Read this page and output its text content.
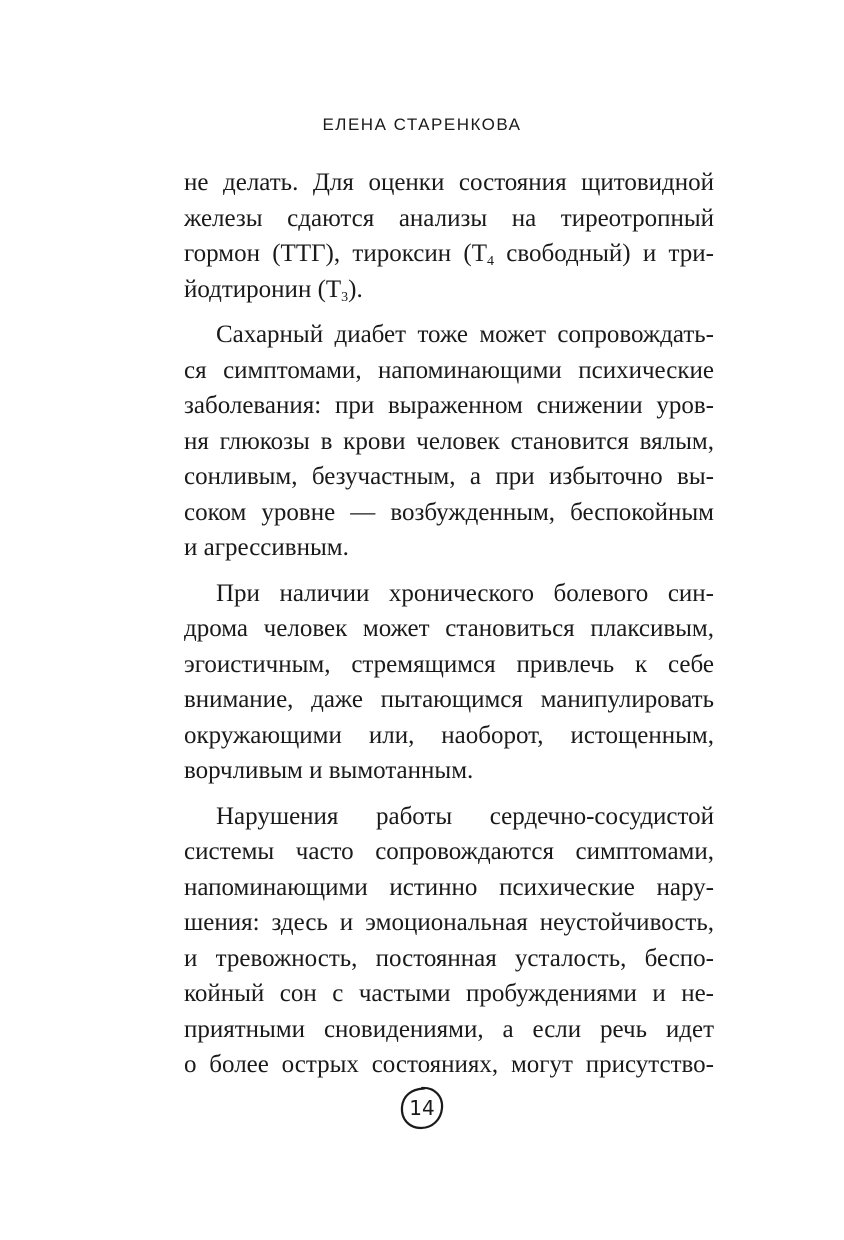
ЕЛЕНА СТАРЕНКОВА

не делать. Для оценки состояния щитовидной
железы сдаются анализы на тиреотропный
гормон (ТТГ), тироксин ($Т_4$ свободный) и три-
йодтиронин $(Т_3)$.

Сахарный диабет тоже может сопровождать-
ся симптомами, напоминающими психические
заболевания: при выраженном снижении уров-
ня глюкозы в крови человек становится вялым,
сонливым, безучастным, а при избыточно вы-
соком уровне — возбужденным, беспокойным
и агрессивным.

При наличии хронического болевого син-
дрома человек может становиться плаксивым,
эгоистичным, стремящимся привлечь к себе
внимание, даже пытающимся манипулировать
окружающими или, наоборот, истощенным,
ворчливым и вымотанным.

Нарушения работы сердечно-сосудистой
системы часто сопровождаются симптомами,
напоминающими истинно психические нару-
шения: здесь и эмоциональная неустойчивость,
и тревожность, постоянная усталость, беспо-
койный сон с частыми пробуждениями и не-
приятными сновидениями, а если речь идет
о более острых состояниях, могут присутство-

14
